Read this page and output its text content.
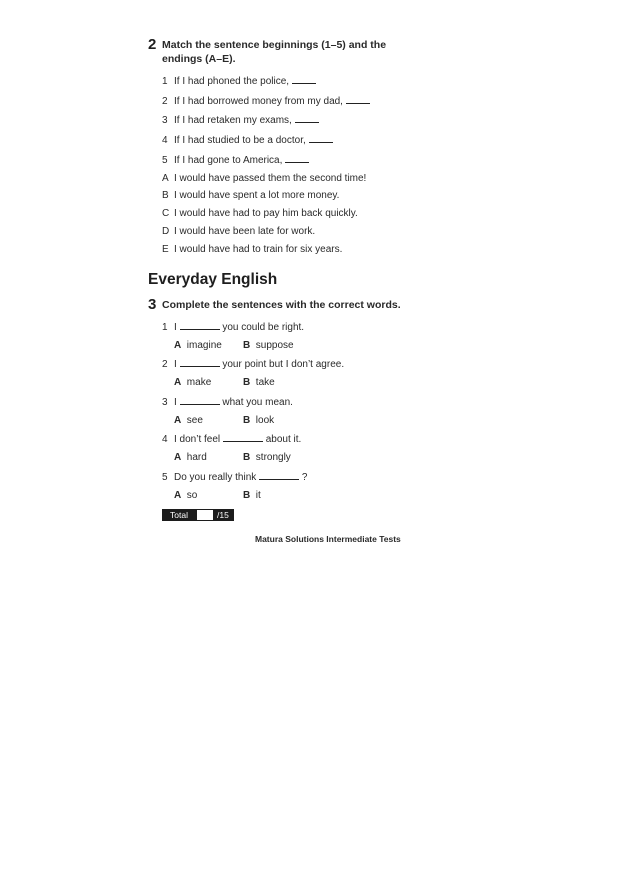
2 Match the sentence beginnings (1–5) and the
endings (A–E).
1 If I had phoned the police,
2 If I had borrowed money from my dad,
3 If I had retaken my exams,
4 If I had studied to be a doctor,
5 If I had gone to America,
A I would have passed them the second time!
B I would have spent a lot more money.
C I would have had to pay him back quickly.
D I would have been late for work.
E I would have had to train for six years.
Everyday English
3 Complete the sentences with the correct words.
1 I	you could be right.
A imagine B suppose
2 I	your point but I don’t agree.
A make	B take
3 I	what you mean.
A see	B look
4 I don’t feel	about it.
A hard	B strongly
5 Do you really think	?
A so	B it
Total	/15
Matura Solutions Intermediate Tests
